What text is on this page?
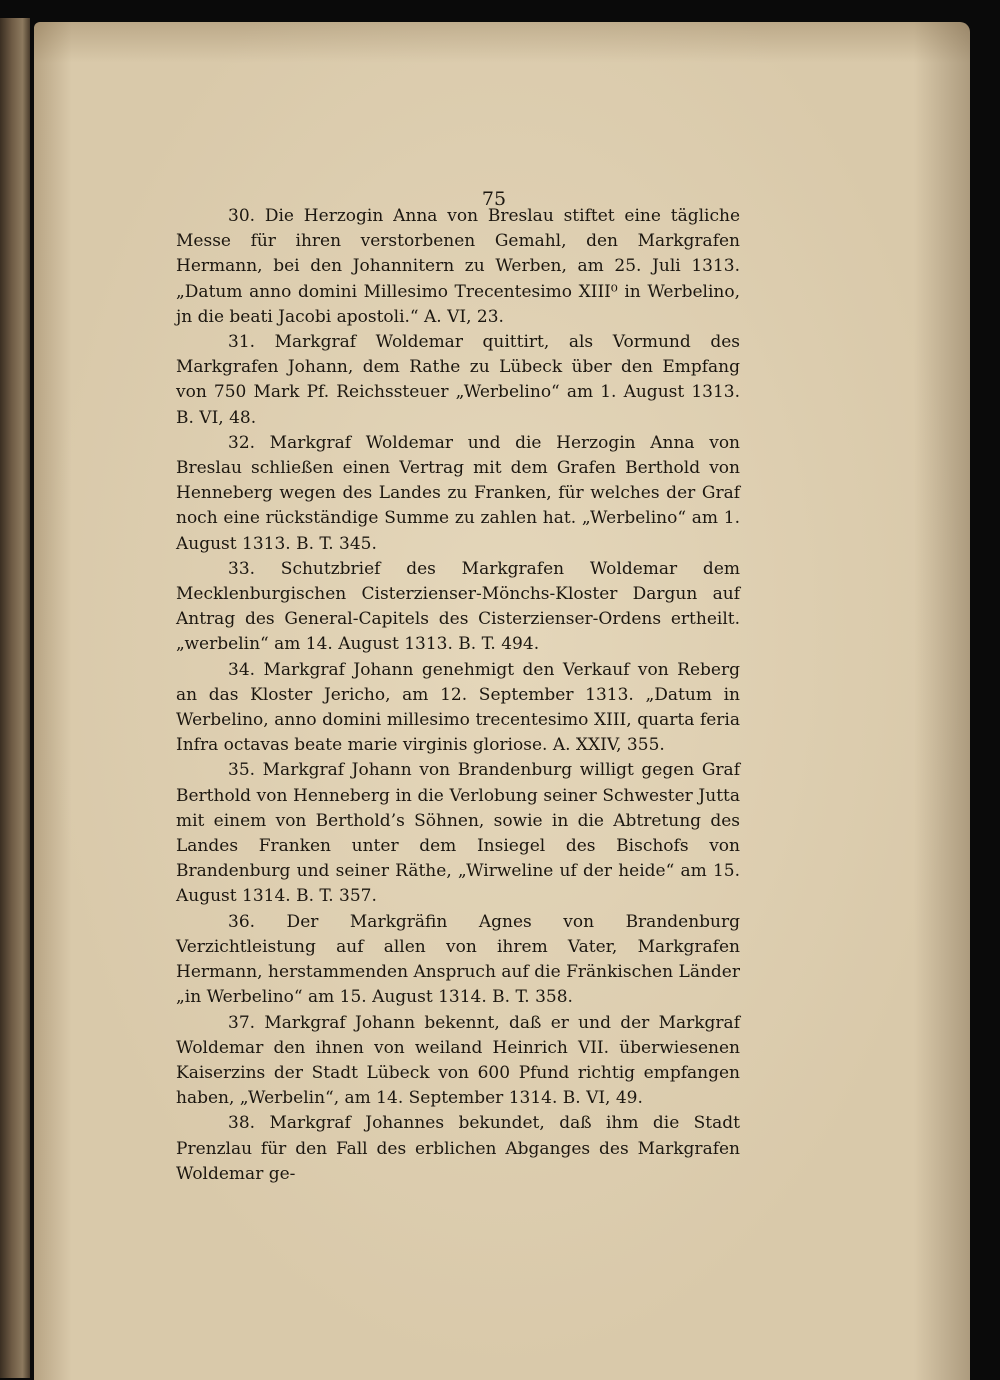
75

30. Die Herzogin Anna von Breslau stiftet eine tägliche Messe für ihren verstorbenen Gemahl, den Markgrafen Hermann, bei den Johannitern zu Werben, am 25. Juli 1313. „Datum anno domini Millesimo Trecentesimo XIII⁰ in Werbelino, jn die beati Jacobi apostoli.“ A. VI, 23.

31. Markgraf Woldemar quittirt, als Vormund des Markgrafen Johann, dem Rathe zu Lübeck über den Empfang von 750 Mark Pf. Reichssteuer „Werbelino“ am 1. August 1313. B. VI, 48.

32. Markgraf Woldemar und die Herzogin Anna von Breslau schließen einen Vertrag mit dem Grafen Berthold von Henneberg wegen des Landes zu Franken, für welches der Graf noch eine rückständige Summe zu zahlen hat. „Werbelino“ am 1. August 1313. B. T. 345.

33. Schutzbrief des Markgrafen Woldemar dem Mecklenburgischen Cisterzienser-Mönchs-Kloster Dargun auf Antrag des General-Capitels des Cisterzienser-Ordens ertheilt. „werbelin“ am 14. August 1313. B. T. 494.

34. Markgraf Johann genehmigt den Verkauf von Reberg an das Kloster Jericho, am 12. September 1313. „Datum in Werbelino, anno domini millesimo trecentesimo XIII, quarta feria Infra octavas beate marie virginis gloriose. A. XXIV, 355.

35. Markgraf Johann von Brandenburg willigt gegen Graf Berthold von Henneberg in die Verlobung seiner Schwester Jutta mit einem von Berthold’s Söhnen, sowie in die Abtretung des Landes Franken unter dem Insiegel des Bischofs von Brandenburg und seiner Räthe, „Wirweline uf der heide“ am 15. August 1314. B. T. 357.

36. Der Markgräfin Agnes von Brandenburg Verzichtleistung auf allen von ihrem Vater, Markgrafen Hermann, herstammenden Anspruch auf die Fränkischen Länder „in Werbelino“ am 15. August 1314. B. T. 358.

37. Markgraf Johann bekennt, daß er und der Markgraf Woldemar den ihnen von weiland Heinrich VII. überwiesenen Kaiserzins der Stadt Lübeck von 600 Pfund richtig empfangen haben, „Werbelin“, am 14. September 1314. B. VI, 49.

38. Markgraf Johannes bekundet, daß ihm die Stadt Prenzlau für den Fall des erblichen Abganges des Markgrafen Woldemar ge-
